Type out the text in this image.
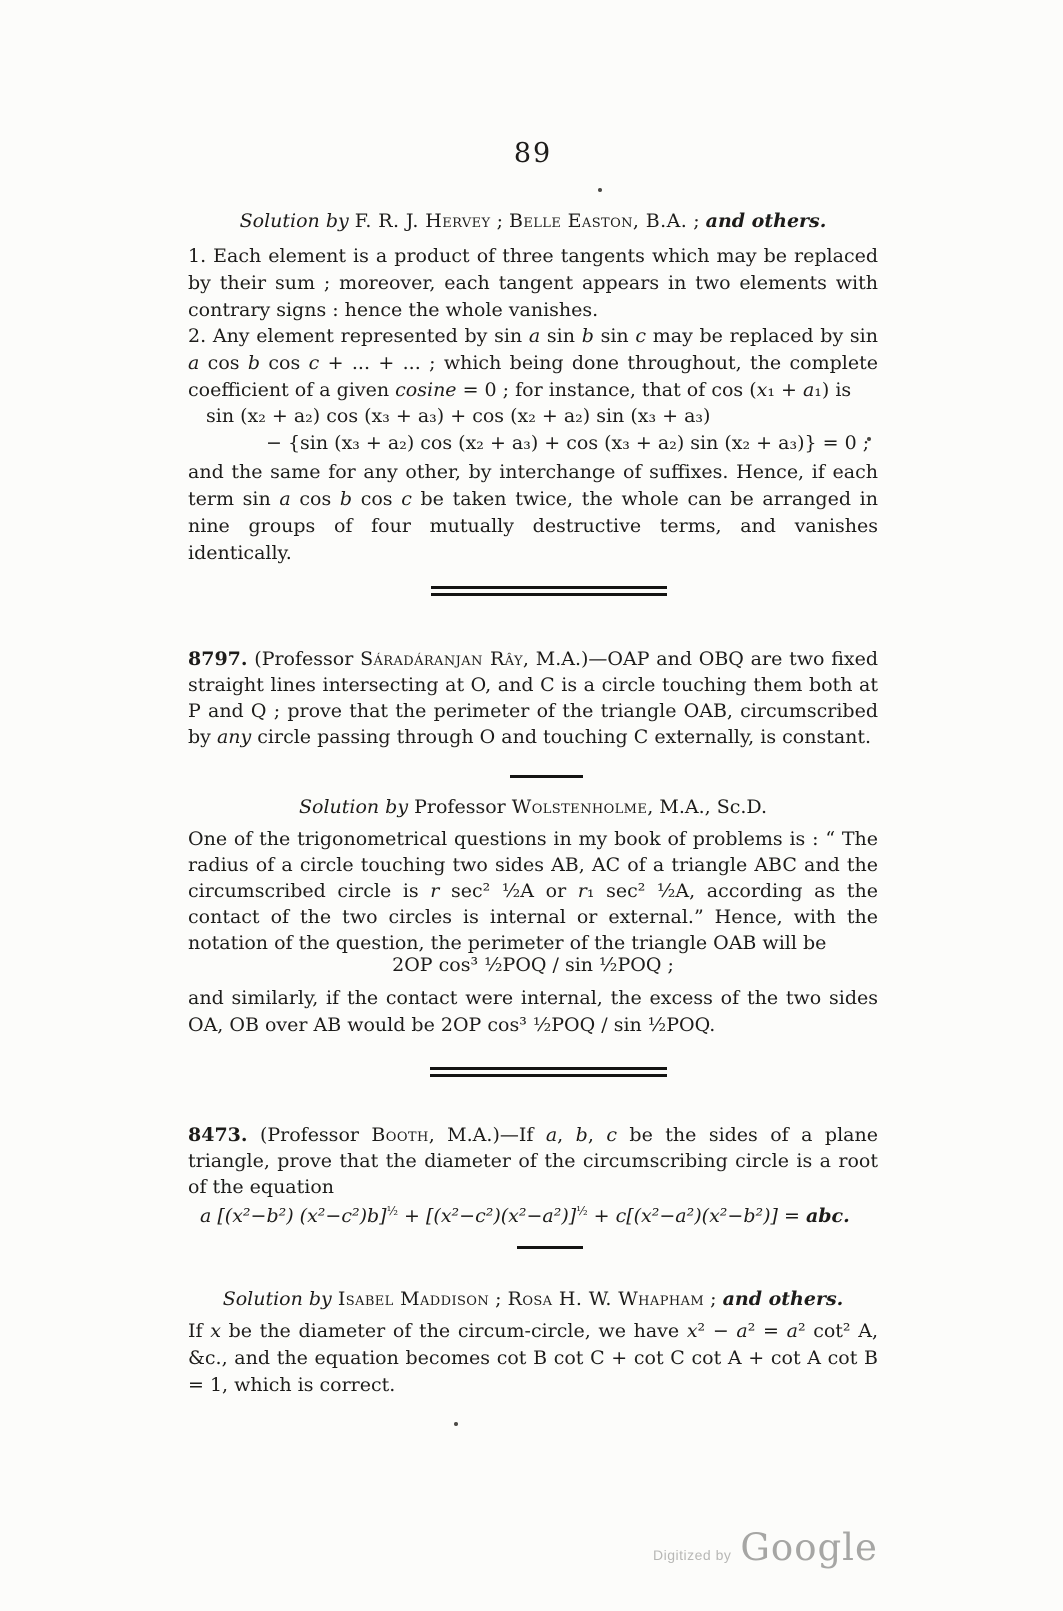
89
Solution by F. R. J. Hervey ; Belle Easton, B.A. ; and others.
1. Each element is a product of three tangents which may be replaced by their sum ; moreover, each tangent appears in two elements with contrary signs : hence the whole vanishes.
2. Any element represented by sin a sin b sin c may be replaced by sin a cos b cos c + ... + ... ; which being done throughout, the complete coefficient of a given cosine = 0 ; for instance, that of cos (x₁ + a₁) is
sin (x₂ + a₂) cos (x₃ + a₃) + cos (x₂ + a₂) sin (x₃ + a₃)
− {sin (x₃ + a₂) cos (x₂ + a₃) + cos (x₃ + a₂) sin (x₂ + a₃)} = 0 ;
and the same for any other, by interchange of suffixes. Hence, if each term sin a cos b cos c be taken twice, the whole can be arranged in nine groups of four mutually destructive terms, and vanishes identically.
8797. (Professor Sáradáranjan Rây, M.A.)—OAP and OBQ are two fixed straight lines intersecting at O, and C is a circle touching them both at P and Q ; prove that the perimeter of the triangle OAB, circumscribed by any circle passing through O and touching C externally, is constant.
Solution by Professor Wolstenholme, M.A., Sc.D.
One of the trigonometrical questions in my book of problems is : “ The radius of a circle touching two sides AB, AC of a triangle ABC and the circumscribed circle is r sec² ½A or r₁ sec² ½A, according as the contact of the two circles is internal or external.” Hence, with the notation of the question, the perimeter of the triangle OAB will be
2OP cos³ ½POQ / sin ½POQ ;
and similarly, if the contact were internal, the excess of the two sides OA, OB over AB would be 2OP cos³ ½POQ / sin ½POQ.
8473. (Professor Booth, M.A.)—If a, b, c be the sides of a plane triangle, prove that the diameter of the circumscribing circle is a root of the equation
a [(x²−b²) $(x^2-c^2)b]^{\frac{1}{2}} + [(x^2-c^2)(x^2-a^2)]^{\frac{1}{2}} + c[(x^2-a^2)(x^2-b^2)]$ = abc.
Solution by Isabel Maddison ; Rosa H. W. Whapham ; and others.
If x be the diameter of the circum-circle, we have x² − a² = a² cot² A, &c., and the equation becomes cot B cot C + cot C cot A + cot A cot B = 1, which is correct.
Digitized by Google
